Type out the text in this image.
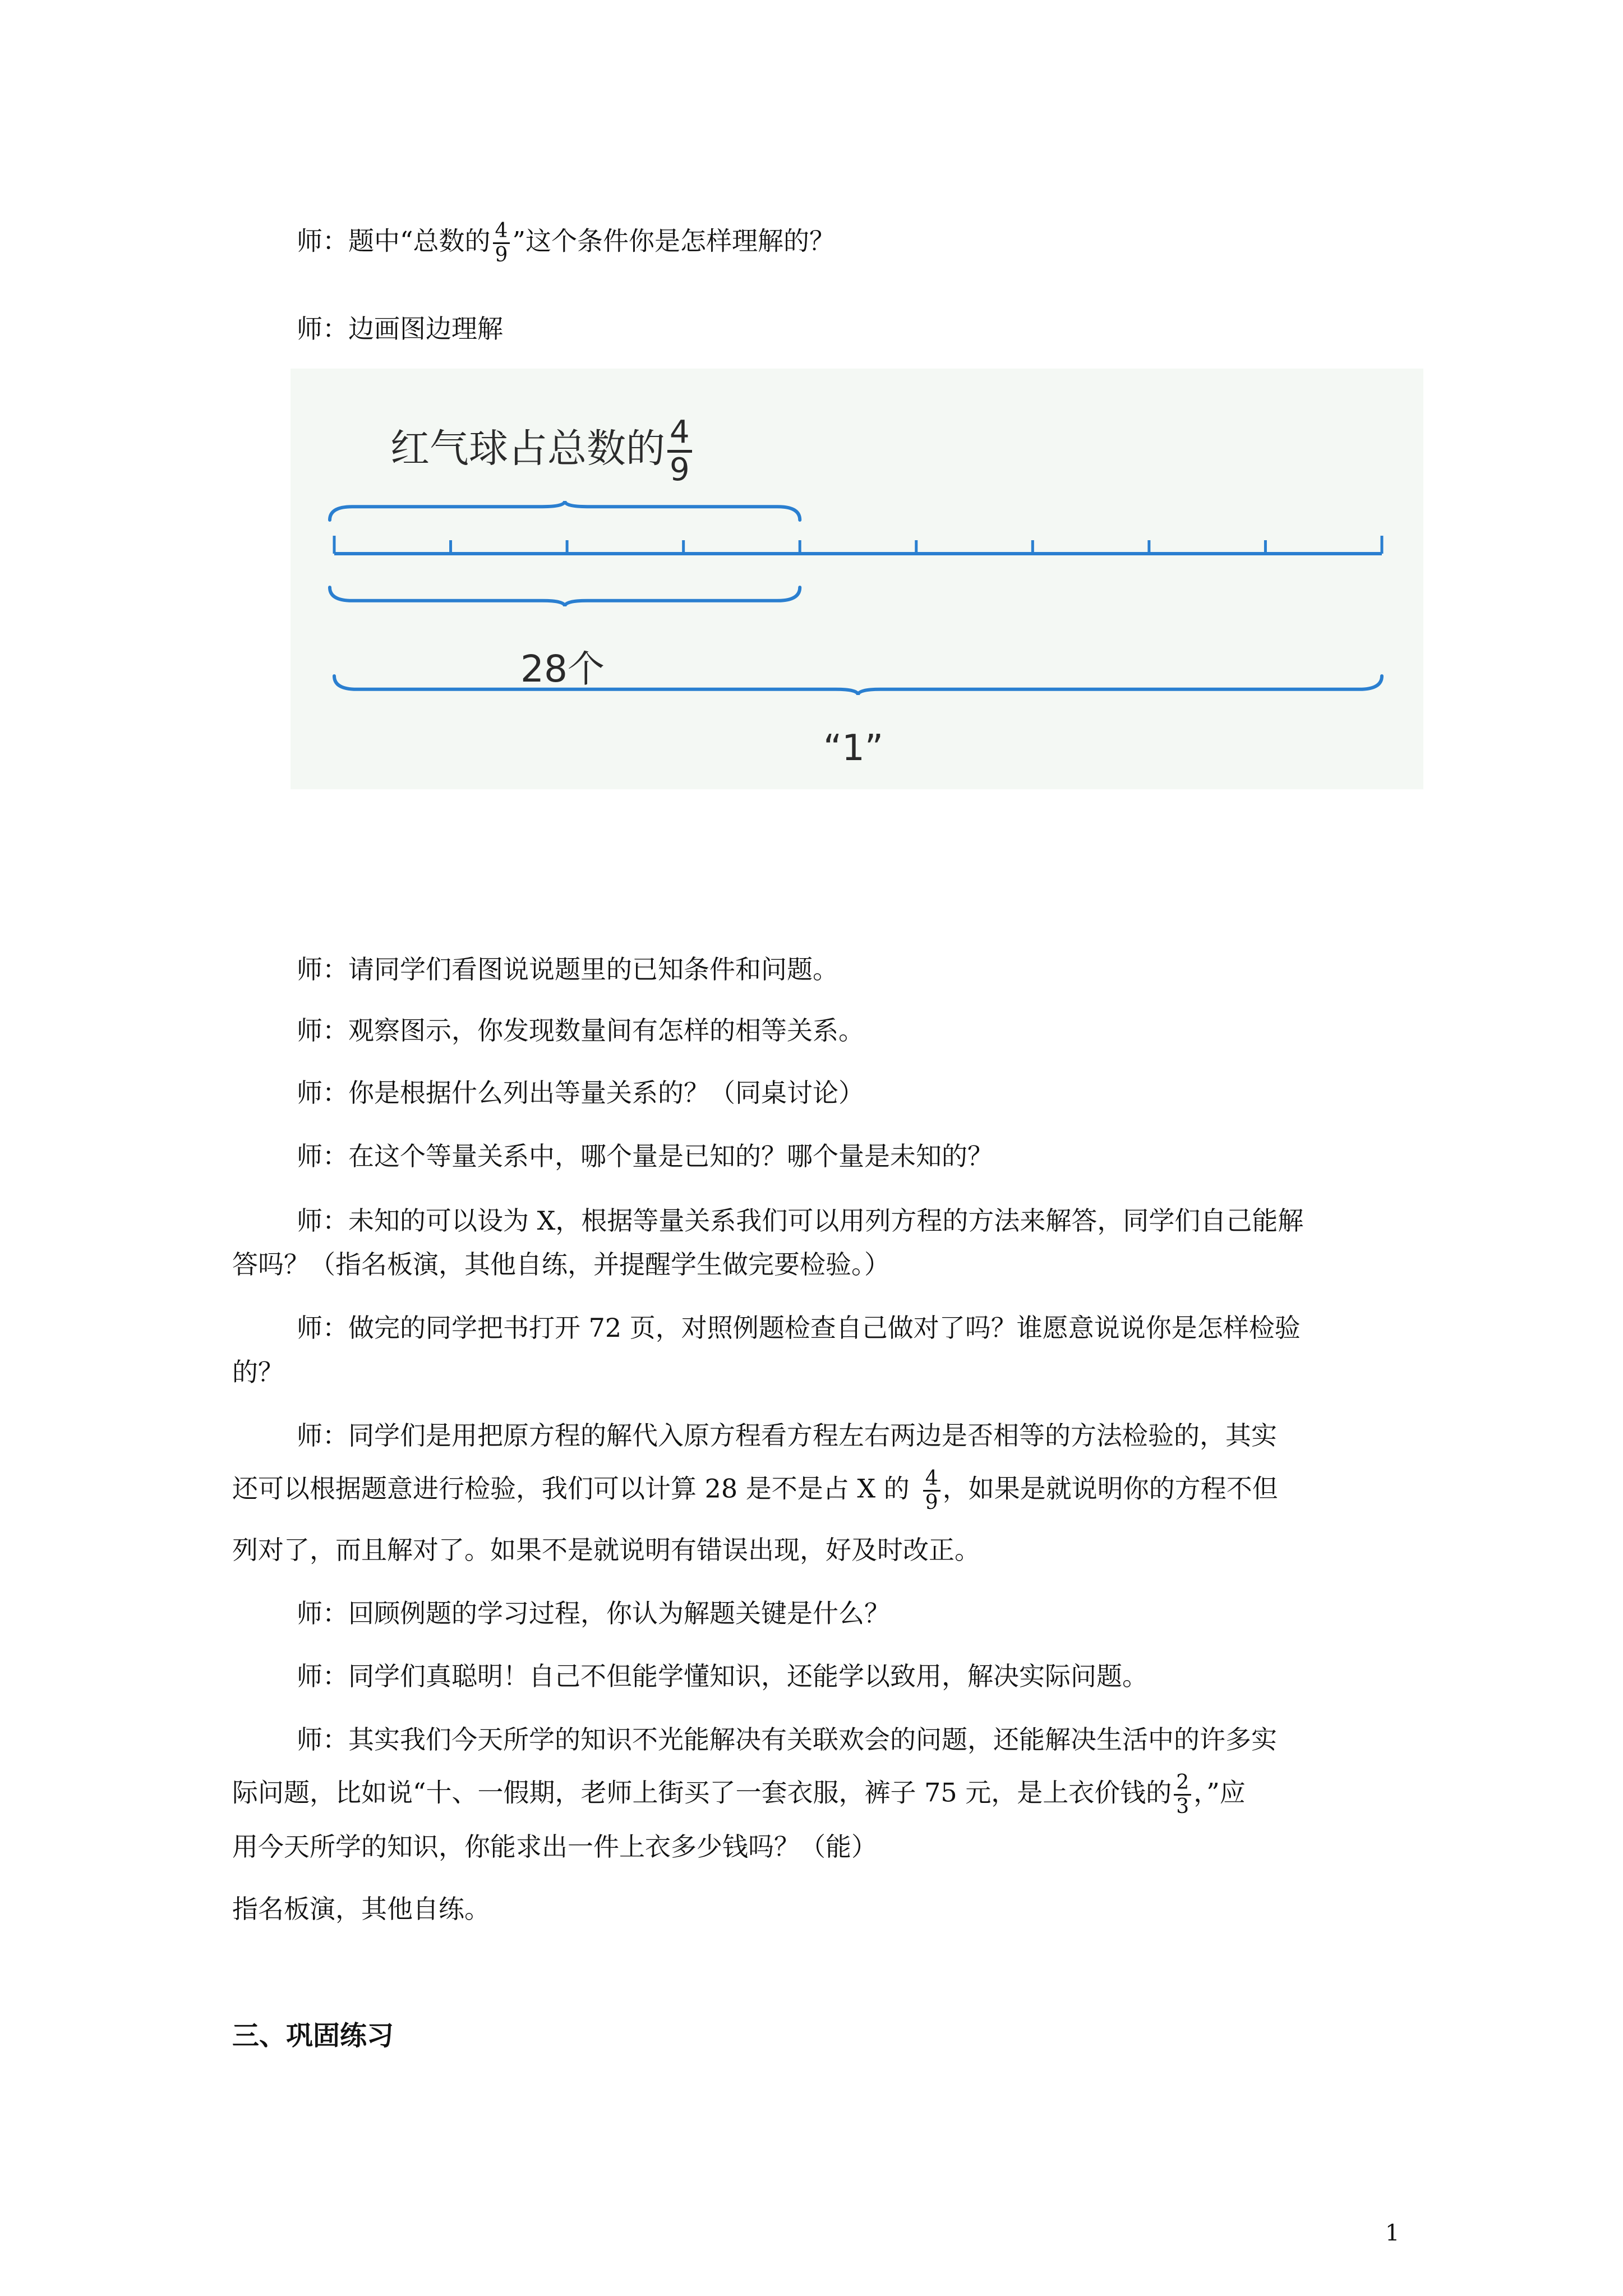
师：题中“总数的 $\frac{4}{9}$ ”这个条件你是怎样理解的？
师：边画图边理解
红气球占总数的 $\frac{4}{9}$
28个
“1”
师：请同学们看图说说题里的已知条件和问题。
师：观察图示，你发现数量间有怎样的相等关系。
师：你是根据什么列出等量关系的？（同桌讨论）
师：在这个等量关系中，哪个量是已知的？哪个量是未知的？
师：未知的可以设为 X，根据等量关系我们可以用列方程的方法来解答，同学们自己能解
答吗？（指名板演，其他自练，并提醒学生做完要检验。）
师：做完的同学把书打开 72 页，对照例题检查自己做对了吗？谁愿意说说你是怎样检验
的？
师：同学们是用把原方程的解代入原方程看方程左右两边是否相等的方法检验的，其实
还可以根据题意进行检验，我们可以计算 28 是不是占 X 的 $\frac{4}{9}$ ，如果是就说明你的方程不但
列对了，而且解对了。如果不是就说明有错误出现，好及时改正。
师：回顾例题的学习过程，你认为解题关键是什么？
师：同学们真聪明！自己不但能学懂知识，还能学以致用，解决实际问题。
师：其实我们今天所学的知识不光能解决有关联欢会的问题，还能解决生活中的许多实
际问题，比如说“十、一假期，老师上街买了一套衣服，裤子 75 元，是上衣价钱的 $\frac{2}{3}$ ，”应
用今天所学的知识，你能求出一件上衣多少钱吗？（能）
指名板演，其他自练。
三、巩固练习
1
